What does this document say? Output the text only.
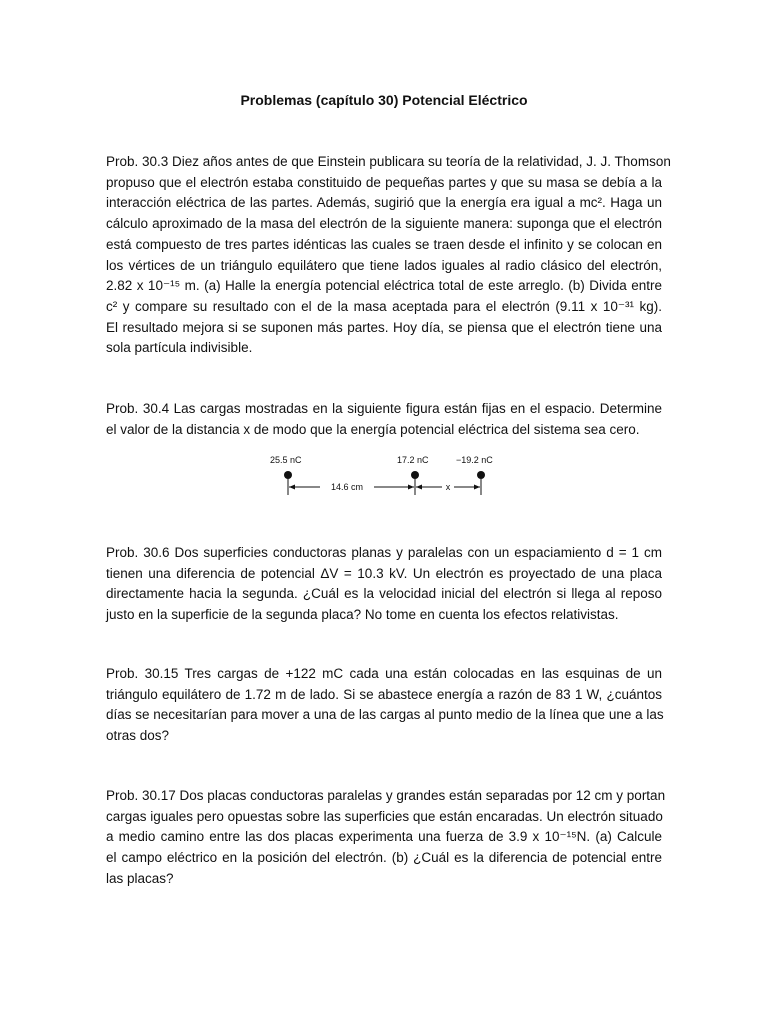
Problemas (capítulo 30) Potencial Eléctrico
Prob. 30.3 Diez años antes de que Einstein publicara su teoría de la relatividad, J. J. Thomson
propuso que el electrón estaba constituido de pequeñas partes y que su masa se debía a la
interacción eléctrica de las partes. Además, sugirió que la energía era igual a mc². Haga un
cálculo aproximado de la masa del electrón de la siguiente manera: suponga que el electrón
está compuesto de tres partes idénticas las cuales se traen desde el infinito y se colocan en
los vértices de un triángulo equilátero que tiene lados iguales al radio clásico del electrón,
2.82 x 10⁻¹⁵ m. (a) Halle la energía potencial eléctrica total de este arreglo. (b) Divida entre
c² y compare su resultado con el de la masa aceptada para el electrón (9.11 x 10⁻³¹ kg).
El resultado mejora si se suponen más partes. Hoy día, se piensa que el electrón tiene una
sola partícula indivisible.
Prob. 30.4 Las cargas mostradas en la siguiente figura están fijas en el espacio. Determine
el valor de la distancia x de modo que la energía potencial eléctrica del sistema sea cero.
25.5 nC	17.2 nC	−19.2 nC
14.6 cm	x
Prob. 30.6 Dos superficies conductoras planas y paralelas con un espaciamiento d = 1 cm
tienen una diferencia de potencial ΔV = 10.3 kV. Un electrón es proyectado de una placa
directamente hacia la segunda. ¿Cuál es la velocidad inicial del electrón si llega al reposo
justo en la superficie de la segunda placa? No tome en cuenta los efectos relativistas.
Prob. 30.15 Tres cargas de +122 mC cada una están colocadas en las esquinas de un
triángulo equilátero de 1.72 m de lado. Si se abastece energía a razón de 83 1 W, ¿cuántos
días se necesitarían para mover a una de las cargas al punto medio de la línea que une a las
otras dos?
Prob. 30.17 Dos placas conductoras paralelas y grandes están separadas por 12 cm y portan
cargas iguales pero opuestas sobre las superficies que están encaradas. Un electrón situado
a medio camino entre las dos placas experimenta una fuerza de 3.9 x 10⁻¹⁵N. (a) Calcule
el campo eléctrico en la posición del electrón. (b) ¿Cuál es la diferencia de potencial entre
las placas?
